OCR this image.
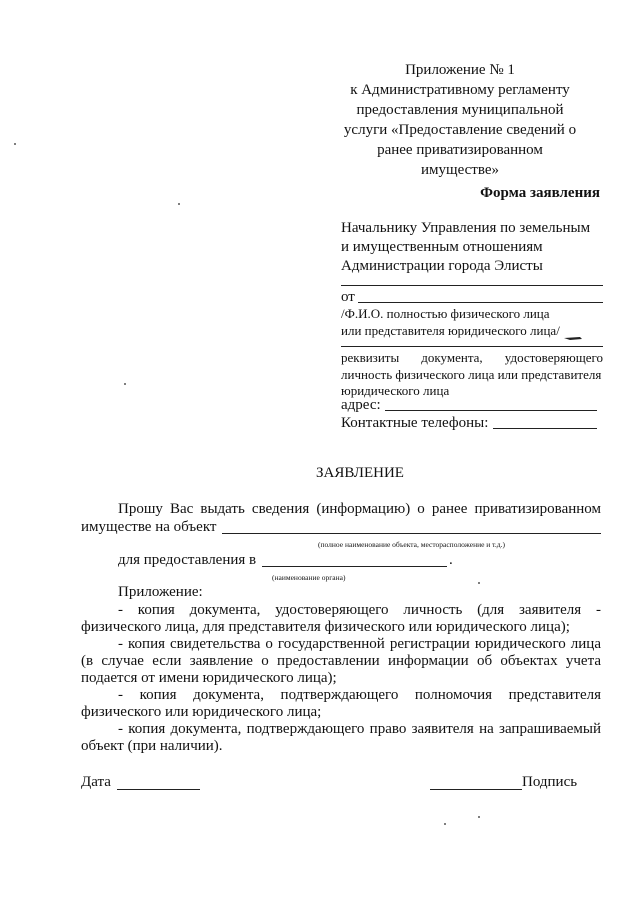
Приложение № 1
к Административному регламенту
предоставления муниципальной
услуги «Предоставление сведений о
ранее приватизированном
имуществе»
Форма заявления
Начальнику Управления по земельным
и имущественным отношениям
Администрации города Элисты
от
/Ф.И.О. полностью физического лица
или представителя юридического лица/
реквизиты документа, удостоверяющего
личность физического лица или представителя
юридического лица
адрес:
Контактные телефоны:
ЗАЯВЛЕНИЕ
Прошу Вас выдать сведения (информацию) о ранее приватизированном
имуществе на объект
(полное наименование объекта, месторасположение и т.д.)
для предоставления в	.
(наименование органа)
Приложение:
- копия документа, удостоверяющего личность (для заявителя -
физического лица, для представителя физического или юридического лица);
- копия свидетельства о государственной регистрации юридического лица
(в случае если заявление о предоставлении информации об объектах учета
подается от имени юридического лица);
- копия документа, подтверждающего полномочия представителя
физического или юридического лица;
- копия документа, подтверждающего право заявителя на запрашиваемый
объект (при наличии).
Дата	Подпись
